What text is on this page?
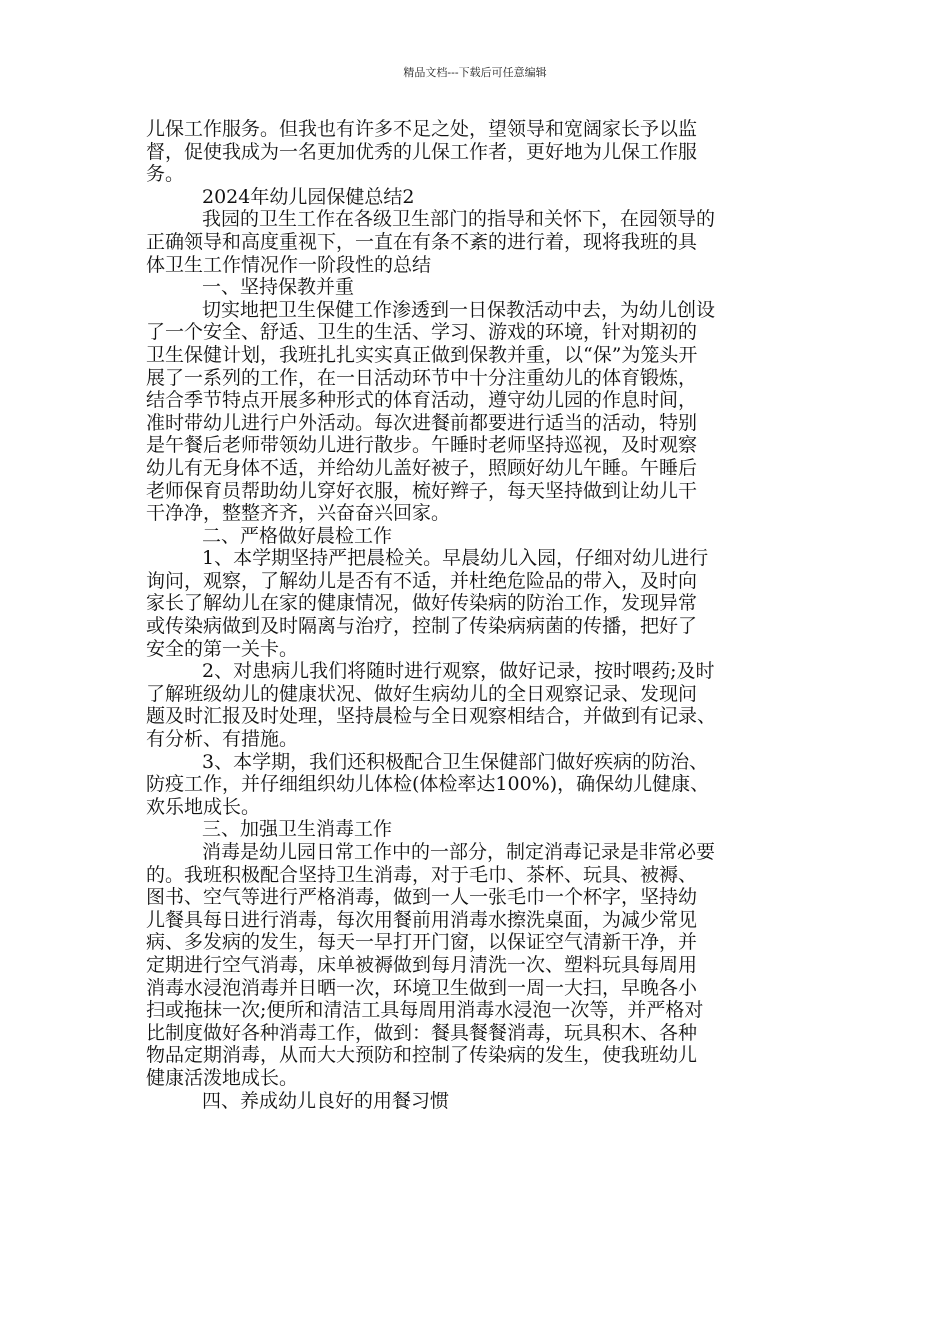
精品文档---下载后可任意编辑
儿保工作服务。但我也有许多不足之处，望领导和宽阔家长予以监
督，促使我成为一名更加优秀的儿保工作者，更好地为儿保工作服
务。
2024年幼儿园保健总结2
我园的卫生工作在各级卫生部门的指导和关怀下，在园领导的
正确领导和高度重视下，一直在有条不紊的进行着，现将我班的具
体卫生工作情况作一阶段性的总结
一、坚持保教并重
切实地把卫生保健工作渗透到一日保教活动中去，为幼儿创设
了一个安全、舒适、卫生的生活、学习、游戏的环境，针对期初的
卫生保健计划，我班扎扎实实真正做到保教并重，以“保”为笼头开
展了一系列的工作，在一日活动环节中十分注重幼儿的体育锻炼，
结合季节特点开展多种形式的体育活动，遵守幼儿园的作息时间，
准时带幼儿进行户外活动。每次进餐前都要进行适当的活动，特别
是午餐后老师带领幼儿进行散步。午睡时老师坚持巡视，及时观察
幼儿有无身体不适，并给幼儿盖好被子，照顾好幼儿午睡。午睡后
老师保育员帮助幼儿穿好衣服，梳好辫子，每天坚持做到让幼儿干
干净净，整整齐齐，兴奋奋兴回家。
二、严格做好晨检工作
1、本学期坚持严把晨检关。早晨幼儿入园，仔细对幼儿进行
询问，观察，了解幼儿是否有不适，并杜绝危险品的带入，及时向
家长了解幼儿在家的健康情况，做好传染病的防治工作，发现异常
或传染病做到及时隔离与治疗，控制了传染病病菌的传播，把好了
安全的第一关卡。
2、对患病儿我们将随时进行观察，做好记录，按时喂药;及时
了解班级幼儿的健康状况、做好生病幼儿的全日观察记录、发现问
题及时汇报及时处理，坚持晨检与全日观察相结合，并做到有记录、
有分析、有措施。
3、本学期，我们还积极配合卫生保健部门做好疾病的防治、
防疫工作，并仔细组织幼儿体检(体检率达100%)，确保幼儿健康、
欢乐地成长。
三、加强卫生消毒工作
消毒是幼儿园日常工作中的一部分，制定消毒记录是非常必要
的。我班积极配合坚持卫生消毒，对于毛巾、茶杯、玩具、被褥、
图书、空气等进行严格消毒，做到一人一张毛巾一个杯字，坚持幼
儿餐具每日进行消毒，每次用餐前用消毒水擦洗桌面，为减少常见
病、多发病的发生，每天一早打开门窗，以保证空气清新干净，并
定期进行空气消毒，床单被褥做到每月清洗一次、塑料玩具每周用
消毒水浸泡消毒并日晒一次，环境卫生做到一周一大扫，早晚各小
扫或拖抹一次;便所和清洁工具每周用消毒水浸泡一次等，并严格对
比制度做好各种消毒工作，做到：餐具餐餐消毒，玩具积木、各种
物品定期消毒，从而大大预防和控制了传染病的发生，使我班幼儿
健康活泼地成长。
四、养成幼儿良好的用餐习惯
